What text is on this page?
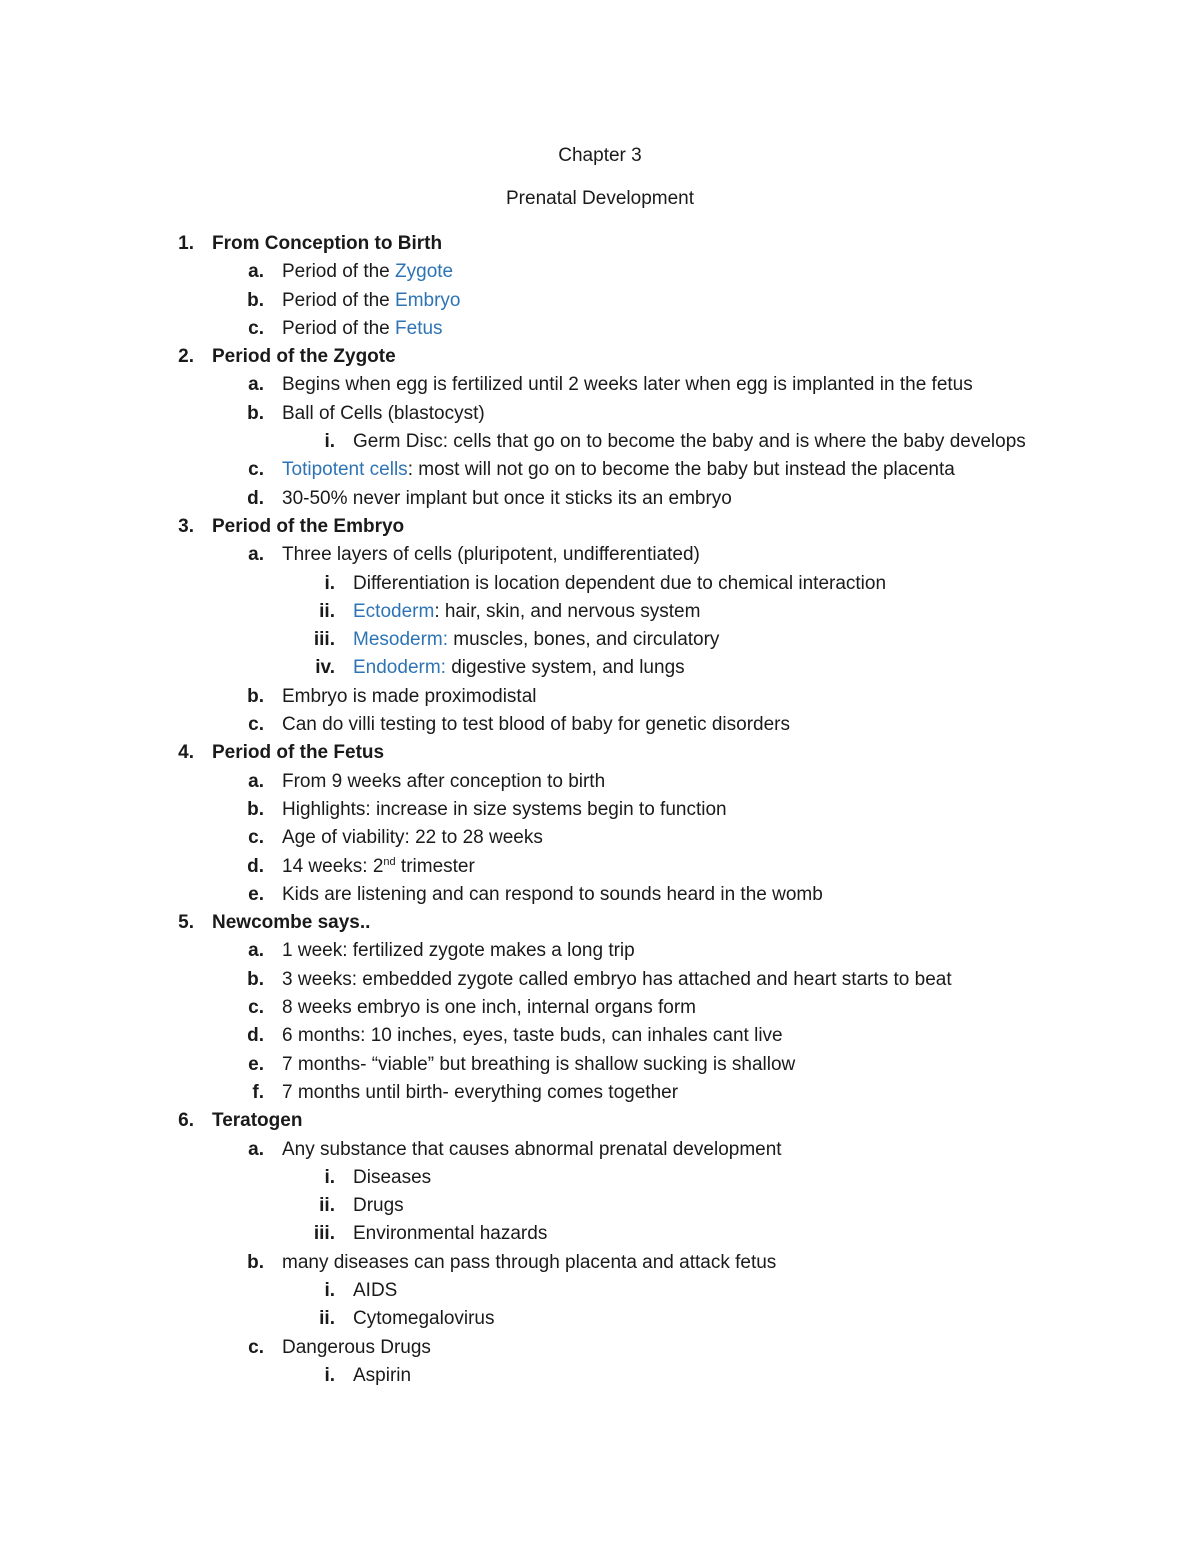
Chapter 3
Prenatal Development
1. From Conception to Birth
a. Period of the Zygote
b. Period of the Embryo
c. Period of the Fetus
2. Period of the Zygote
a. Begins when egg is fertilized until 2 weeks later when egg is implanted in the fetus
b. Ball of Cells (blastocyst)
i. Germ Disc: cells that go on to become the baby and is where the baby develops
c. Totipotent cells: most will not go on to become the baby but instead the placenta
d. 30-50% never implant but once it sticks its an embryo
3. Period of the Embryo
a. Three layers of cells (pluripotent, undifferentiated)
i. Differentiation is location dependent due to chemical interaction
ii. Ectoderm: hair, skin, and nervous system
iii. Mesoderm: muscles, bones, and circulatory
iv. Endoderm: digestive system, and lungs
b. Embryo is made proximodistal
c. Can do villi testing to test blood of baby for genetic disorders
4. Period of the Fetus
a. From 9 weeks after conception to birth
b. Highlights: increase in size systems begin to function
c. Age of viability: 22 to 28 weeks
d. 14 weeks: 2nd trimester
e. Kids are listening and can respond to sounds heard in the womb
5. Newcombe says..
a. 1 week: fertilized zygote makes a long trip
b. 3 weeks: embedded zygote called embryo has attached and heart starts to beat
c. 8 weeks embryo is one inch, internal organs form
d. 6 months: 10 inches, eyes, taste buds, can inhales cant live
e. 7 months- “viable” but breathing is shallow sucking is shallow
f. 7 months until birth- everything comes together
6. Teratogen
a. Any substance that causes abnormal prenatal development
i. Diseases
ii. Drugs
iii. Environmental hazards
b. many diseases can pass through placenta and attack fetus
i. AIDS
ii. Cytomegalovirus
c. Dangerous Drugs
i. Aspirin
